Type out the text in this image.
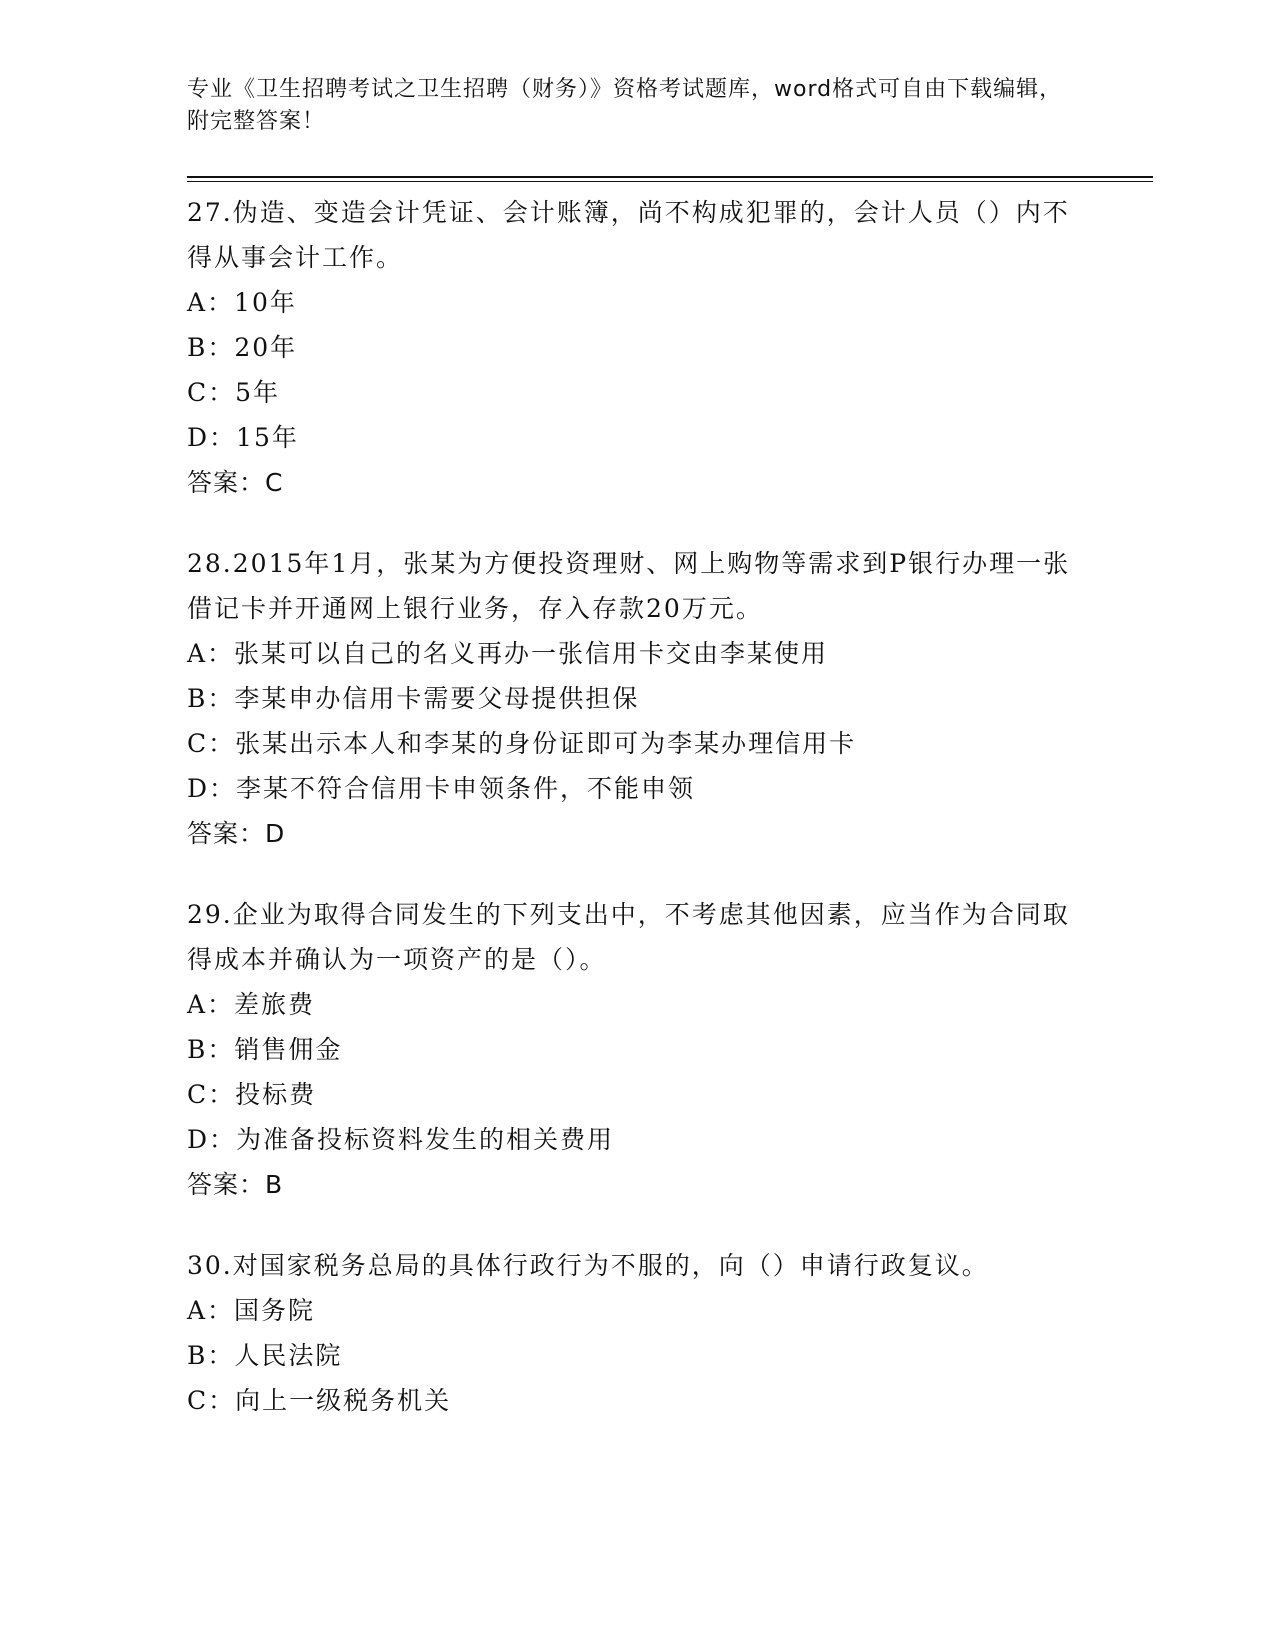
专业《卫生招聘考试之卫生招聘（财务）》资格考试题库，word格式可自由下载编辑，附完整答案！
27.伪造、变造会计凭证、会计账簿，尚不构成犯罪的，会计人员（）内不得从事会计工作。
A：10年
B：20年
C：5年
D：15年
答案：C
28.2015年1月，张某为方便投资理财、网上购物等需求到P银行办理一张借记卡并开通网上银行业务，存入存款20万元。
A：张某可以自己的名义再办一张信用卡交由李某使用
B：李某申办信用卡需要父母提供担保
C：张某出示本人和李某的身份证即可为李某办理信用卡
D：李某不符合信用卡申领条件，不能申领
答案：D
29.企业为取得合同发生的下列支出中，不考虑其他因素，应当作为合同取得成本并确认为一项资产的是（）。
A：差旅费
B：销售佣金
C：投标费
D：为准备投标资料发生的相关费用
答案：B
30.对国家税务总局的具体行政行为不服的，向（）申请行政复议。
A：国务院
B：人民法院
C：向上一级税务机关
